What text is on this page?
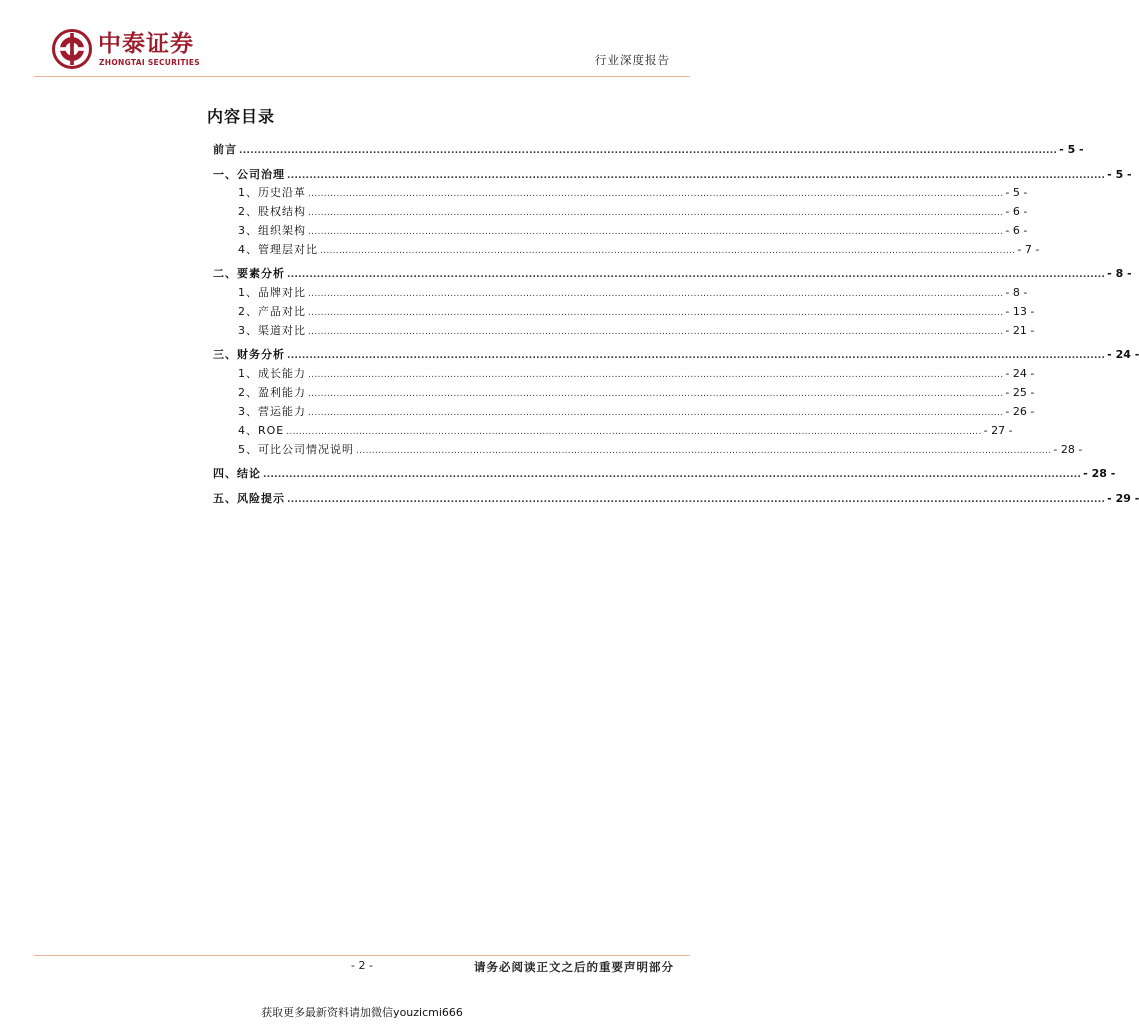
中泰证券
ZHONGTAI SECURITIES	行业深度报告
内容目录
前言 ............................................................................................................................................................................................................................ - 5 -
一、公司治理 ............................................................................................................................................................................................................................ - 5 -
1、历史沿革 ............................................................................................................................................................................................................................ - 5 -
2、股权结构 ............................................................................................................................................................................................................................ - 6 -
3、组织架构 ............................................................................................................................................................................................................................ - 6 -
4、管理层对比 ............................................................................................................................................................................................................................ - 7 -
二、要素分析 ............................................................................................................................................................................................................................ - 8 -
1、品牌对比 ............................................................................................................................................................................................................................ - 8 -
2、产品对比 ............................................................................................................................................................................................................................ - 13 -
3、渠道对比 ............................................................................................................................................................................................................................ - 21 -
三、财务分析 ............................................................................................................................................................................................................................ - 24 -
1、成长能力 ............................................................................................................................................................................................................................ - 24 -
2、盈利能力 ............................................................................................................................................................................................................................ - 25 -
3、营运能力 ............................................................................................................................................................................................................................ - 26 -
4、ROE ............................................................................................................................................................................................................................ - 27 -
5、可比公司情况说明 ............................................................................................................................................................................................................................ - 28 -
四、结论 ............................................................................................................................................................................................................................ - 28 -
五、风险提示 ............................................................................................................................................................................................................................ - 29 -
- 2 -	请务必阅读正文之后的重要声明部分
获取更多最新资料请加微信youzicmi666
